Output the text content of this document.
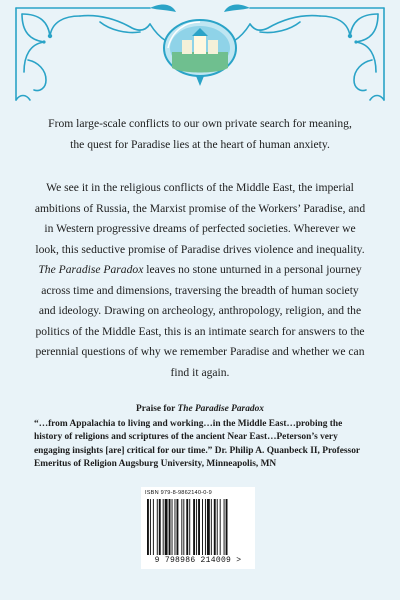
From large-scale conflicts to our own private search for meaning, the quest for Paradise lies at the heart of human anxiety.
We see it in the religious conflicts of the Middle East, the imperial ambitions of Russia, the Marxist promise of the Workers’ Paradise, and in Western progressive dreams of perfected societies. Wherever we look, this seductive promise of Paradise drives violence and inequality.
The Paradise Paradox leaves no stone unturned in a personal journey across time and dimensions, traversing the breadth of human society and ideology. Drawing on archeology, anthropology, religion, and the politics of the Middle East, this is an intimate search for answers to the perennial questions of why we remember Paradise and whether we can find it again.
Praise for The Paradise Paradox
“…from Appalachia to living and working…in the Middle East…probing the history of religions and scriptures of the ancient Near East…Peterson’s very engaging insights [are] critical for our time.” Dr. Philip A. Quanbeck II, Professor Emeritus of Religion Augsburg University, Minneapolis, MN
ISBN 979-8-9862140-0-9
9 798986 214009 >
